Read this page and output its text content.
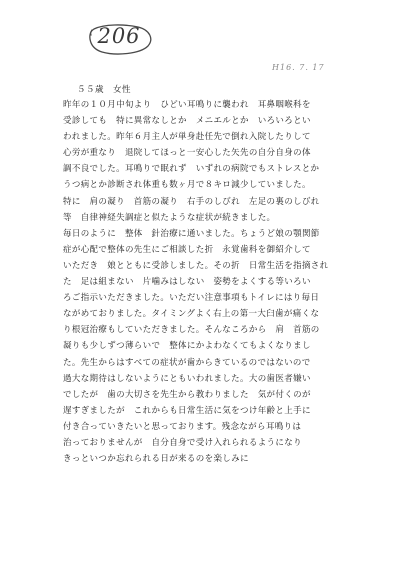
206
H16. 7. 17
５５歳　女性
昨年の１０月中旬より　ひどい耳鳴りに襲われ　耳鼻咽喉科を
受診しても　特に異常なしとか　メニエルとか　いろいろとい
われました。昨年６月主人が単身赴任先で倒れ入院したりして
心労が重なり　退院してほっと一安心した矢先の自分自身の体
調不良でした。耳鳴りで眠れず　いずれの病院でもストレスとか
うつ病とか診断され体重も数ヶ月で８キロ減少していました。
特に　肩の凝り　首筋の凝り　右手のしびれ　左足の裏のしびれ
等　自律神経失調症と似たような症状が続きました。
毎日のように　整体　針治療に通いました。ちょうど娘の顎関節
症が心配で整体の先生にご相談した折　永覚歯科を御紹介して
いただき　娘とともに受診しました。その折　日常生活を指摘され
た　足は組まない　片噛みはしない　姿勢をよくする等いろい
ろご指示いただきました。いただい注意事項もトイレにはり毎日
ながめておりました。タイミングよく右上の第一大臼歯が痛くな
り根冠治療もしていただきました。そんなころから　肩　首筋の
凝りも少しずつ薄らいで　整体にかよわなくてもよくなりまし
た。先生からはすべての症状が歯からきているのではないので
過大な期待はしないようにともいわれました。大の歯医者嫌い
でしたが　歯の大切さを先生から教わりました　気が付くのが
遅すぎましたが　これからも日常生活に気をつけ年齢と上手に
付き合っていきたいと思っております。残念ながら耳鳴りは
治っておりませんが　自分自身で受け入れられるようになり
きっといつか忘れられる日が来るのを楽しみに
